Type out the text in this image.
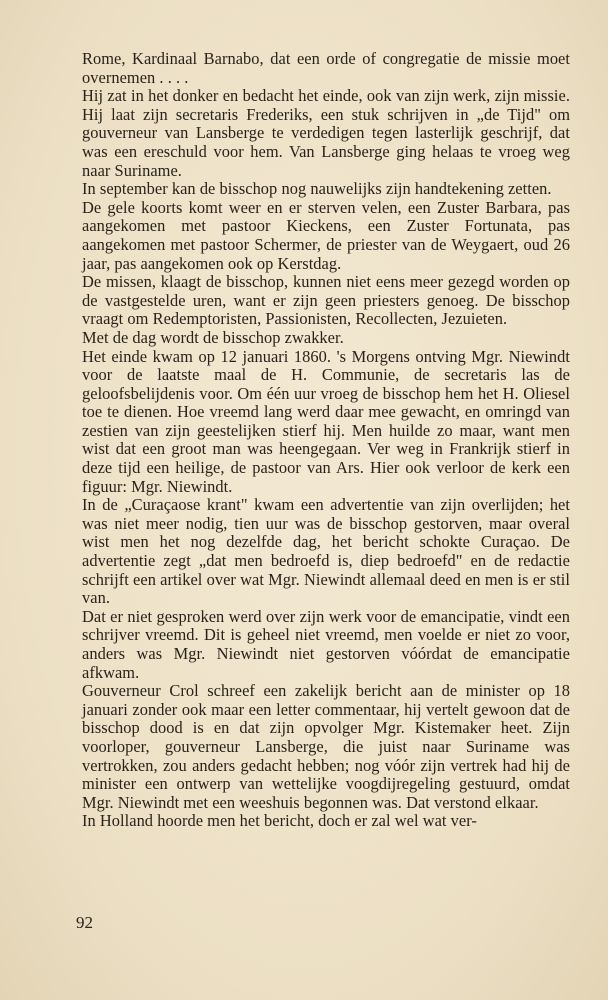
Rome, Kardinaal Barnabo, dat een orde of congregatie de missie moet overnemen . . . .

Hij zat in het donker en bedacht het einde, ook van zijn werk, zijn missie. Hij laat zijn secretaris Frederiks, een stuk schrijven in „de Tijd" om gouverneur van Lansberge te verdedigen tegen lasterlijk geschrijf, dat was een ereschuld voor hem. Van Lansberge ging helaas te vroeg weg naar Suriname.

In september kan de bisschop nog nauwelijks zijn handtekening zetten.

De gele koorts komt weer en er sterven velen, een Zuster Barbara, pas aangekomen met pastoor Kieckens, een Zuster Fortunata, pas aangekomen met pastoor Schermer, de priester van de Weygaert, oud 26 jaar, pas aangekomen ook op Kerstdag.

De missen, klaagt de bisschop, kunnen niet eens meer gezegd worden op de vastgestelde uren, want er zijn geen priesters genoeg. De bisschop vraagt om Redemptoristen, Passionisten, Recollecten, Jezuieten.

Met de dag wordt de bisschop zwakker.

Het einde kwam op 12 januari 1860. 's Morgens ontving Mgr. Niewindt voor de laatste maal de H. Communie, de secretaris las de geloofsbelijdenis voor. Om één uur vroeg de bisschop hem het H. Oliesel toe te dienen. Hoe vreemd lang werd daar mee gewacht, en omringd van zestien van zijn geestelijken stierf hij. Men huilde zo maar, want men wist dat een groot man was heengegaan. Ver weg in Frankrijk stierf in deze tijd een heilige, de pastoor van Ars. Hier ook verloor de kerk een figuur: Mgr. Niewindt.

In de „Curaçaose krant" kwam een advertentie van zijn overlijden; het was niet meer nodig, tien uur was de bisschop gestorven, maar overal wist men het nog dezelfde dag, het bericht schokte Curaçao. De advertentie zegt „dat men bedroefd is, diep bedroefd" en de redactie schrijft een artikel over wat Mgr. Niewindt allemaal deed en men is er stil van.

Dat er niet gesproken werd over zijn werk voor de emancipatie, vindt een schrijver vreemd. Dit is geheel niet vreemd, men voelde er niet zo voor, anders was Mgr. Niewindt niet gestorven vóórdat de emancipatie afkwam.

Gouverneur Crol schreef een zakelijk bericht aan de minister op 18 januari zonder ook maar een letter commentaar, hij vertelt gewoon dat de bisschop dood is en dat zijn opvolger Mgr. Kistemaker heet. Zijn voorloper, gouverneur Lansberge, die juist naar Suriname was vertrokken, zou anders gedacht hebben; nog vóór zijn vertrek had hij de minister een ontwerp van wettelijke voogdijregeling gestuurd, omdat Mgr. Niewindt met een weeshuis begonnen was. Dat verstond elkaar.

In Holland hoorde men het bericht, doch er zal wel wat ver-

92
